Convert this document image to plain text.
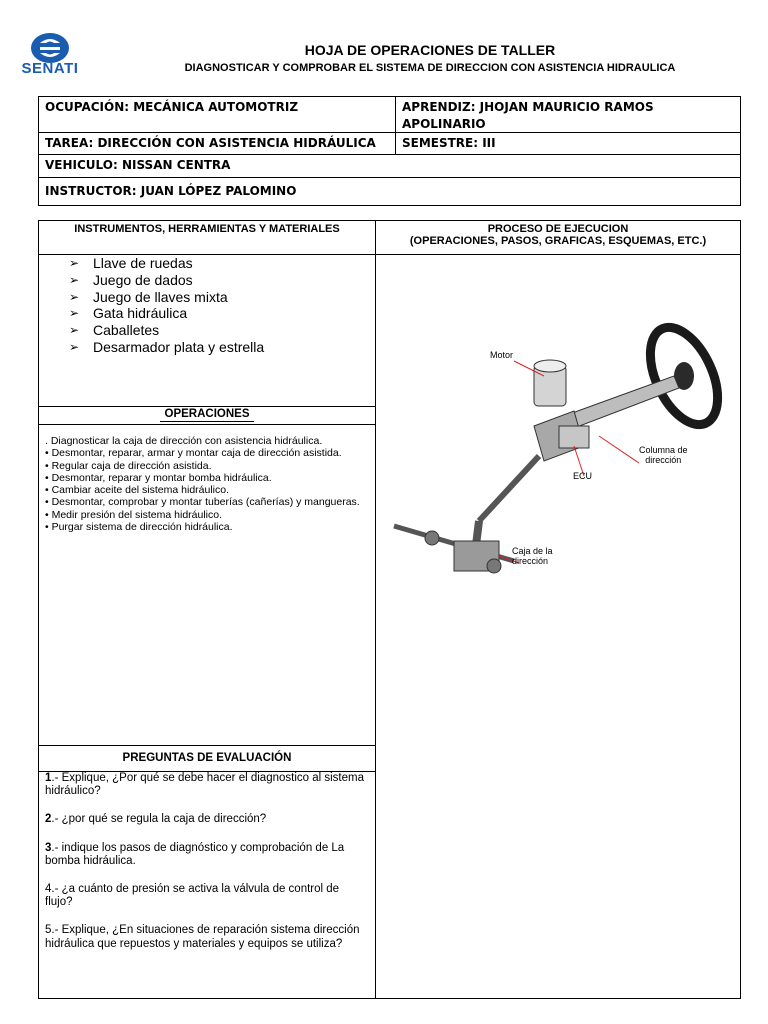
SENATI
HOJA DE OPERACIONES DE TALLER
DIAGNOSTICAR Y COMPROBAR EL SISTEMA DE DIRECCION CON ASISTENCIA HIDRAULICA
OCUPACIÓN: MECÁNICA AUTOMOTRIZ	APRENDIZ: JHOJAN MAURICIO RAMOS
APOLINARIO
TAREA: DIRECCIÓN CON ASISTENCIA HIDRÁULICA	SEMESTRE: III
VEHICULO: NISSAN CENTRA
INSTRUCTOR: JUAN LÓPEZ PALOMINO
INSTRUMENTOS, HERRAMIENTAS Y MATERIALES	PROCESO DE EJECUCION
(OPERACIONES, PASOS, GRAFICAS, ESQUEMAS, ETC.)
➢ Llave de ruedas
➢ Juego de dados
➢ Juego de llaves mixta
➢ Gata hidráulica
➢ Caballetes
➢ Desarmador plata y estrella
OPERACIONES
. Diagnosticar la caja de dirección con asistencia hidráulica.
• Desmontar, reparar, armar y montar caja de dirección asistida.
• Regular caja de dirección asistida.
• Desmontar, reparar y montar bomba hidráulica.
• Cambiar aceite del sistema hidráulico.
• Desmontar, comprobar y montar tuberías (cañerías) y mangueras.
• Medir presión del sistema hidráulico.
• Purgar sistema de dirección hidráulica.
PREGUNTAS DE EVALUACIÓN
1.- Explique, ¿Por qué se debe hacer el diagnostico al sistema hidráulico?
2.- ¿por qué se regula la caja de dirección?
3.- indique los pasos de diagnóstico y comprobación de La bomba hidráulica.
4.- ¿a cuánto de presión se activa la válvula de control de flujo?
5.- Explique, ¿En situaciones de reparación sistema dirección hidráulica que repuestos y materiales y equipos se utiliza?
Motor
Columna de
dirección
ECU
Caja de la
dirección
